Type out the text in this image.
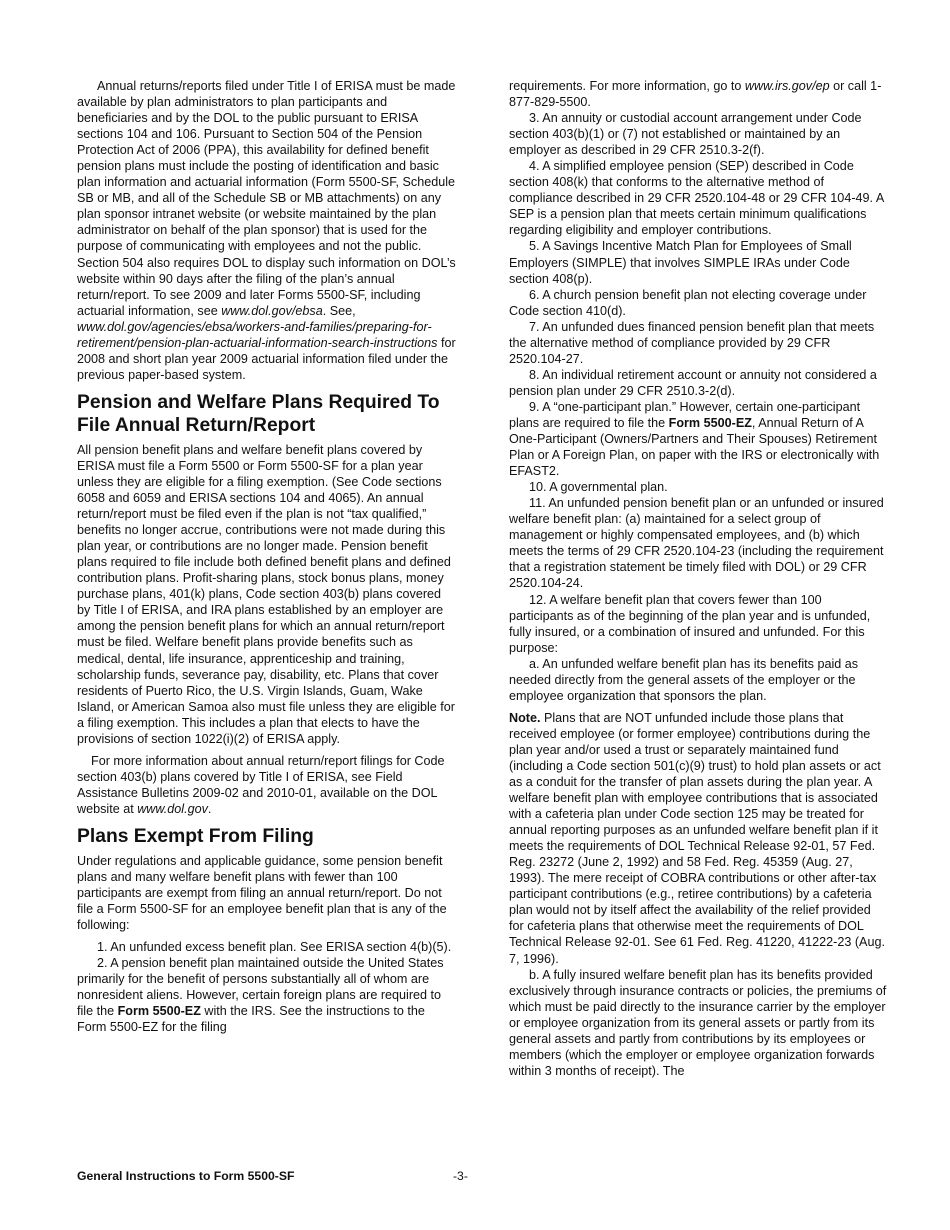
Annual returns/reports filed under Title I of ERISA must be made available by plan administrators to plan participants and beneficiaries and by the DOL to the public pursuant to ERISA sections 104 and 106. Pursuant to Section 504 of the Pension Protection Act of 2006 (PPA), this availability for defined benefit pension plans must include the posting of identification and basic plan information and actuarial information (Form 5500-SF, Schedule SB or MB, and all of the Schedule SB or MB attachments) on any plan sponsor intranet website (or website maintained by the plan administrator on behalf of the plan sponsor) that is used for the purpose of communicating with employees and not the public. Section 504 also requires DOL to display such information on DOL’s website within 90 days after the filing of the plan’s annual return/report. To see 2009 and later Forms 5500-SF, including actuarial information, see www.dol.gov/ebsa. See, www.dol.gov/agencies/ebsa/workers-and-families/preparing-for-retirement/pension-plan-actuarial-information-search-instructions for 2008 and short plan year 2009 actuarial information filed under the previous paper-based system.

Pension and Welfare Plans Required To File Annual Return/Report

All pension benefit plans and welfare benefit plans covered by ERISA must file a Form 5500 or Form 5500-SF for a plan year unless they are eligible for a filing exemption. (See Code sections 6058 and 6059 and ERISA sections 104 and 4065). An annual return/report must be filed even if the plan is not “tax qualified,” benefits no longer accrue, contributions were not made during this plan year, or contributions are no longer made. Pension benefit plans required to file include both defined benefit plans and defined contribution plans. Profit-sharing plans, stock bonus plans, money purchase plans, 401(k) plans, Code section 403(b) plans covered by Title I of ERISA, and IRA plans established by an employer are among the pension benefit plans for which an annual return/report must be filed. Welfare benefit plans provide benefits such as medical, dental, life insurance, apprenticeship and training, scholarship funds, severance pay, disability, etc. Plans that cover residents of Puerto Rico, the U.S. Virgin Islands, Guam, Wake Island, or American Samoa also must file unless they are eligible for a filing exemption. This includes a plan that elects to have the provisions of section 1022(i)(2) of ERISA apply.

For more information about annual return/report filings for Code section 403(b) plans covered by Title I of ERISA, see Field Assistance Bulletins 2009-02 and 2010-01, available on the DOL website at www.dol.gov.

Plans Exempt From Filing

Under regulations and applicable guidance, some pension benefit plans and many welfare benefit plans with fewer than 100 participants are exempt from filing an annual return/report. Do not file a Form 5500-SF for an employee benefit plan that is any of the following:

1. An unfunded excess benefit plan. See ERISA section 4(b)(5).

2. A pension benefit plan maintained outside the United States primarily for the benefit of persons substantially all of whom are nonresident aliens. However, certain foreign plans are required to file the Form 5500-EZ with the IRS. See the instructions to the Form 5500-EZ for the filing

requirements. For more information, go to www.irs.gov/ep or call 1-877-829-5500.

3. An annuity or custodial account arrangement under Code section 403(b)(1) or (7) not established or maintained by an employer as described in 29 CFR 2510.3-2(f).

4. A simplified employee pension (SEP) described in Code section 408(k) that conforms to the alternative method of compliance described in 29 CFR 2520.104-48 or 29 CFR 104-49. A SEP is a pension plan that meets certain minimum qualifications regarding eligibility and employer contributions.

5. A Savings Incentive Match Plan for Employees of Small Employers (SIMPLE) that involves SIMPLE IRAs under Code section 408(p).

6. A church pension benefit plan not electing coverage under Code section 410(d).

7. An unfunded dues financed pension benefit plan that meets the alternative method of compliance provided by 29 CFR 2520.104-27.

8. An individual retirement account or annuity not considered a pension plan under 29 CFR 2510.3-2(d).

9. A “one-participant plan.” However, certain one-participant plans are required to file the Form 5500-EZ, Annual Return of A One-Participant (Owners/Partners and Their Spouses) Retirement Plan or A Foreign Plan, on paper with the IRS or electronically with EFAST2.

10. A governmental plan.

11. An unfunded pension benefit plan or an unfunded or insured welfare benefit plan: (a) maintained for a select group of management or highly compensated employees, and (b) which meets the terms of 29 CFR 2520.104-23 (including the requirement that a registration statement be timely filed with DOL) or 29 CFR 2520.104-24.

12. A welfare benefit plan that covers fewer than 100 participants as of the beginning of the plan year and is unfunded, fully insured, or a combination of insured and unfunded. For this purpose:

a. An unfunded welfare benefit plan has its benefits paid as needed directly from the general assets of the employer or the employee organization that sponsors the plan.

Note. Plans that are NOT unfunded include those plans that received employee (or former employee) contributions during the plan year and/or used a trust or separately maintained fund (including a Code section 501(c)(9) trust) to hold plan assets or act as a conduit for the transfer of plan assets during the plan year. A welfare benefit plan with employee contributions that is associated with a cafeteria plan under Code section 125 may be treated for annual reporting purposes as an unfunded welfare benefit plan if it meets the requirements of DOL Technical Release 92-01, 57 Fed. Reg. 23272 (June 2, 1992) and 58 Fed. Reg. 45359 (Aug. 27, 1993). The mere receipt of COBRA contributions or other after-tax participant contributions (e.g., retiree contributions) by a cafeteria plan would not by itself affect the availability of the relief provided for cafeteria plans that otherwise meet the requirements of DOL Technical Release 92-01. See 61 Fed. Reg. 41220, 41222-23 (Aug. 7, 1996).

b. A fully insured welfare benefit plan has its benefits provided exclusively through insurance contracts or policies, the premiums of which must be paid directly to the insurance carrier by the employer or employee organization from its general assets or partly from its general assets and partly from contributions by its employees or members (which the employer or employee organization forwards within 3 months of receipt). The

General Instructions to Form 5500-SF	-3-
